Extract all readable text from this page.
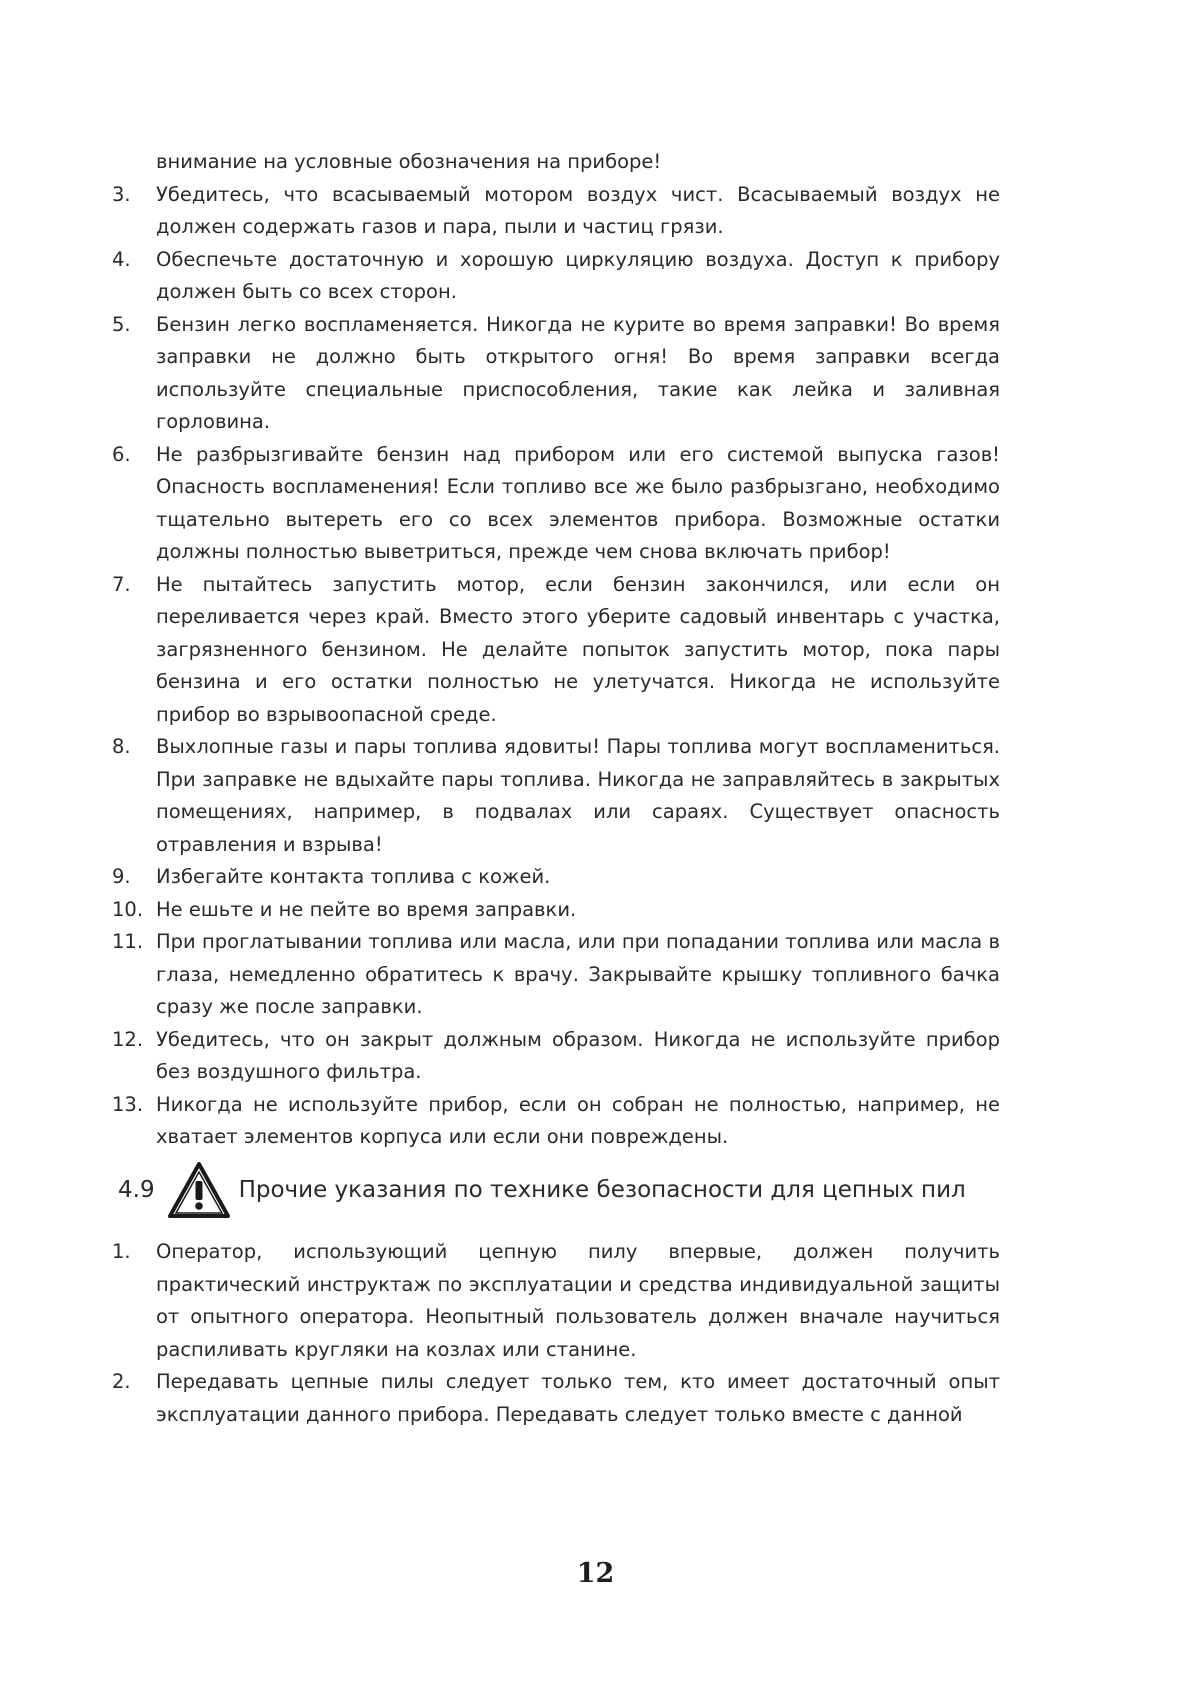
внимание на условные обозначения на приборе!
3.	Убедитесь, что всасываемый мотором воздух чист. Всасываемый воздух не должен содержать газов и пара, пыли и частиц грязи.
4.	Обеспечьте достаточную и хорошую циркуляцию воздуха. Доступ к прибору должен быть со всех сторон.
5.	Бензин легко воспламеняется. Никогда не курите во время заправки! Во время заправки не должно быть открытого огня! Во время заправки всегда используйте специальные приспособления, такие как лейка и заливная горловина.
6.	Не разбрызгивайте бензин над прибором или его системой выпуска газов! Опасность воспламенения! Если топливо все же было разбрызгано, необходимо тщательно вытереть его со всех элементов прибора. Возможные остатки должны полностью выветриться, прежде чем снова включать прибор!
7.	Не пытайтесь запустить мотор, если бензин закончился, или если он переливается через край. Вместо этого уберите садовый инвентарь с участка, загрязненного бензином. Не делайте попыток запустить мотор, пока пары бензина и его остатки полностью не улетучатся. Никогда не используйте прибор во взрывоопасной среде.
8.	Выхлопные газы и пары топлива ядовиты! Пары топлива могут воспламениться. При заправке не вдыхайте пары топлива. Никогда не заправляйтесь в закрытых помещениях, например, в подвалах или сараях. Существует опасность отравления и взрыва!
9.	Избегайте контакта топлива с кожей.
10. Не ешьте и не пейте во время заправки.
11. При проглатывании топлива или масла, или при попадании топлива или масла в глаза, немедленно обратитесь к врачу. Закрывайте крышку топливного бачка сразу же после заправки.
12. Убедитесь, что он закрыт должным образом. Никогда не используйте прибор без воздушного фильтра.
13. Никогда не используйте прибор, если он собран не полностью, например, не хватает элементов корпуса или если они повреждены.
4.9	Прочие указания по технике безопасности для цепных пил
1.	Оператор, использующий цепную пилу впервые, должен получить практический инструктаж по эксплуатации и средства индивидуальной защиты от опытного оператора. Неопытный пользователь должен вначале научиться распиливать кругляки на козлах или станине.
2.	Передавать цепные пилы следует только тем, кто имеет достаточный опыт эксплуатации данного прибора. Передавать следует только вместе с данной
12
